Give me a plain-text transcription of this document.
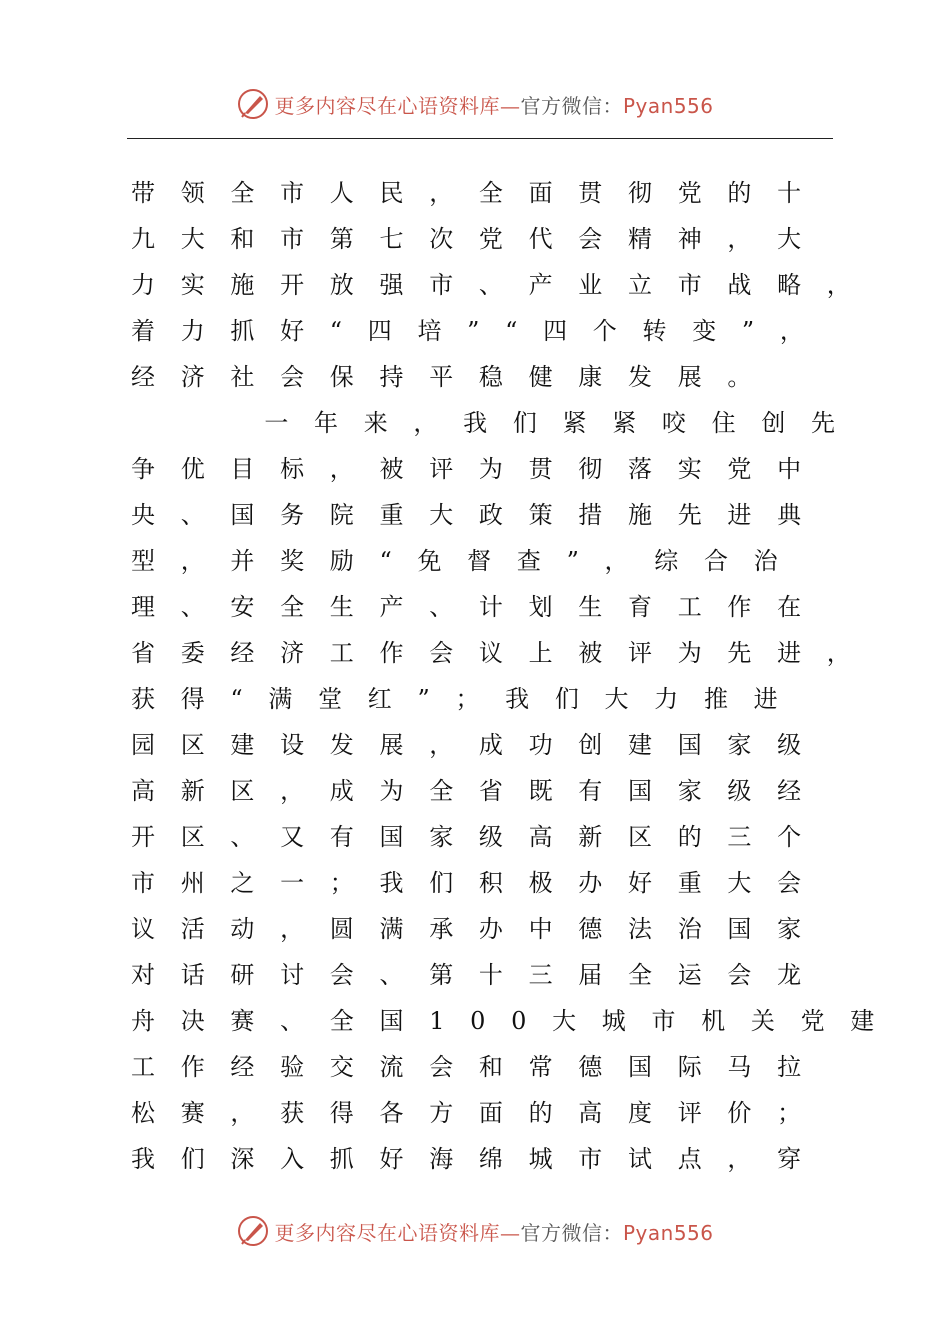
更多内容尽在心语资料库—官方微信：Pyan556
带领全市人民，全面贯彻党的十
九大和市第七次党代会精神，大
力实施开放强市、产业立市战略，
着力抓好“四培”“四个转变”，
经济社会保持平稳健康发展。
一年来，我们紧紧咬住创先
争优目标，被评为贯彻落实党中
央、国务院重大政策措施先进典
型，并奖励“免督查”，综合治
理、安全生产、计划生育工作在
省委经济工作会议上被评为先进，
获得“满堂红”；我们大力推进
园区建设发展，成功创建国家级
高新区，成为全省既有国家级经
开区、又有国家级高新区的三个
市州之一；我们积极办好重大会
议活动，圆满承办中德法治国家
对话研讨会、第十三届全运会龙
舟决赛、全国100大城市机关党建
工作经验交流会和常德国际马拉
松赛，获得各方面的高度评价；
我们深入抓好海绵城市试点，穿
更多内容尽在心语资料库—官方微信：Pyan556
